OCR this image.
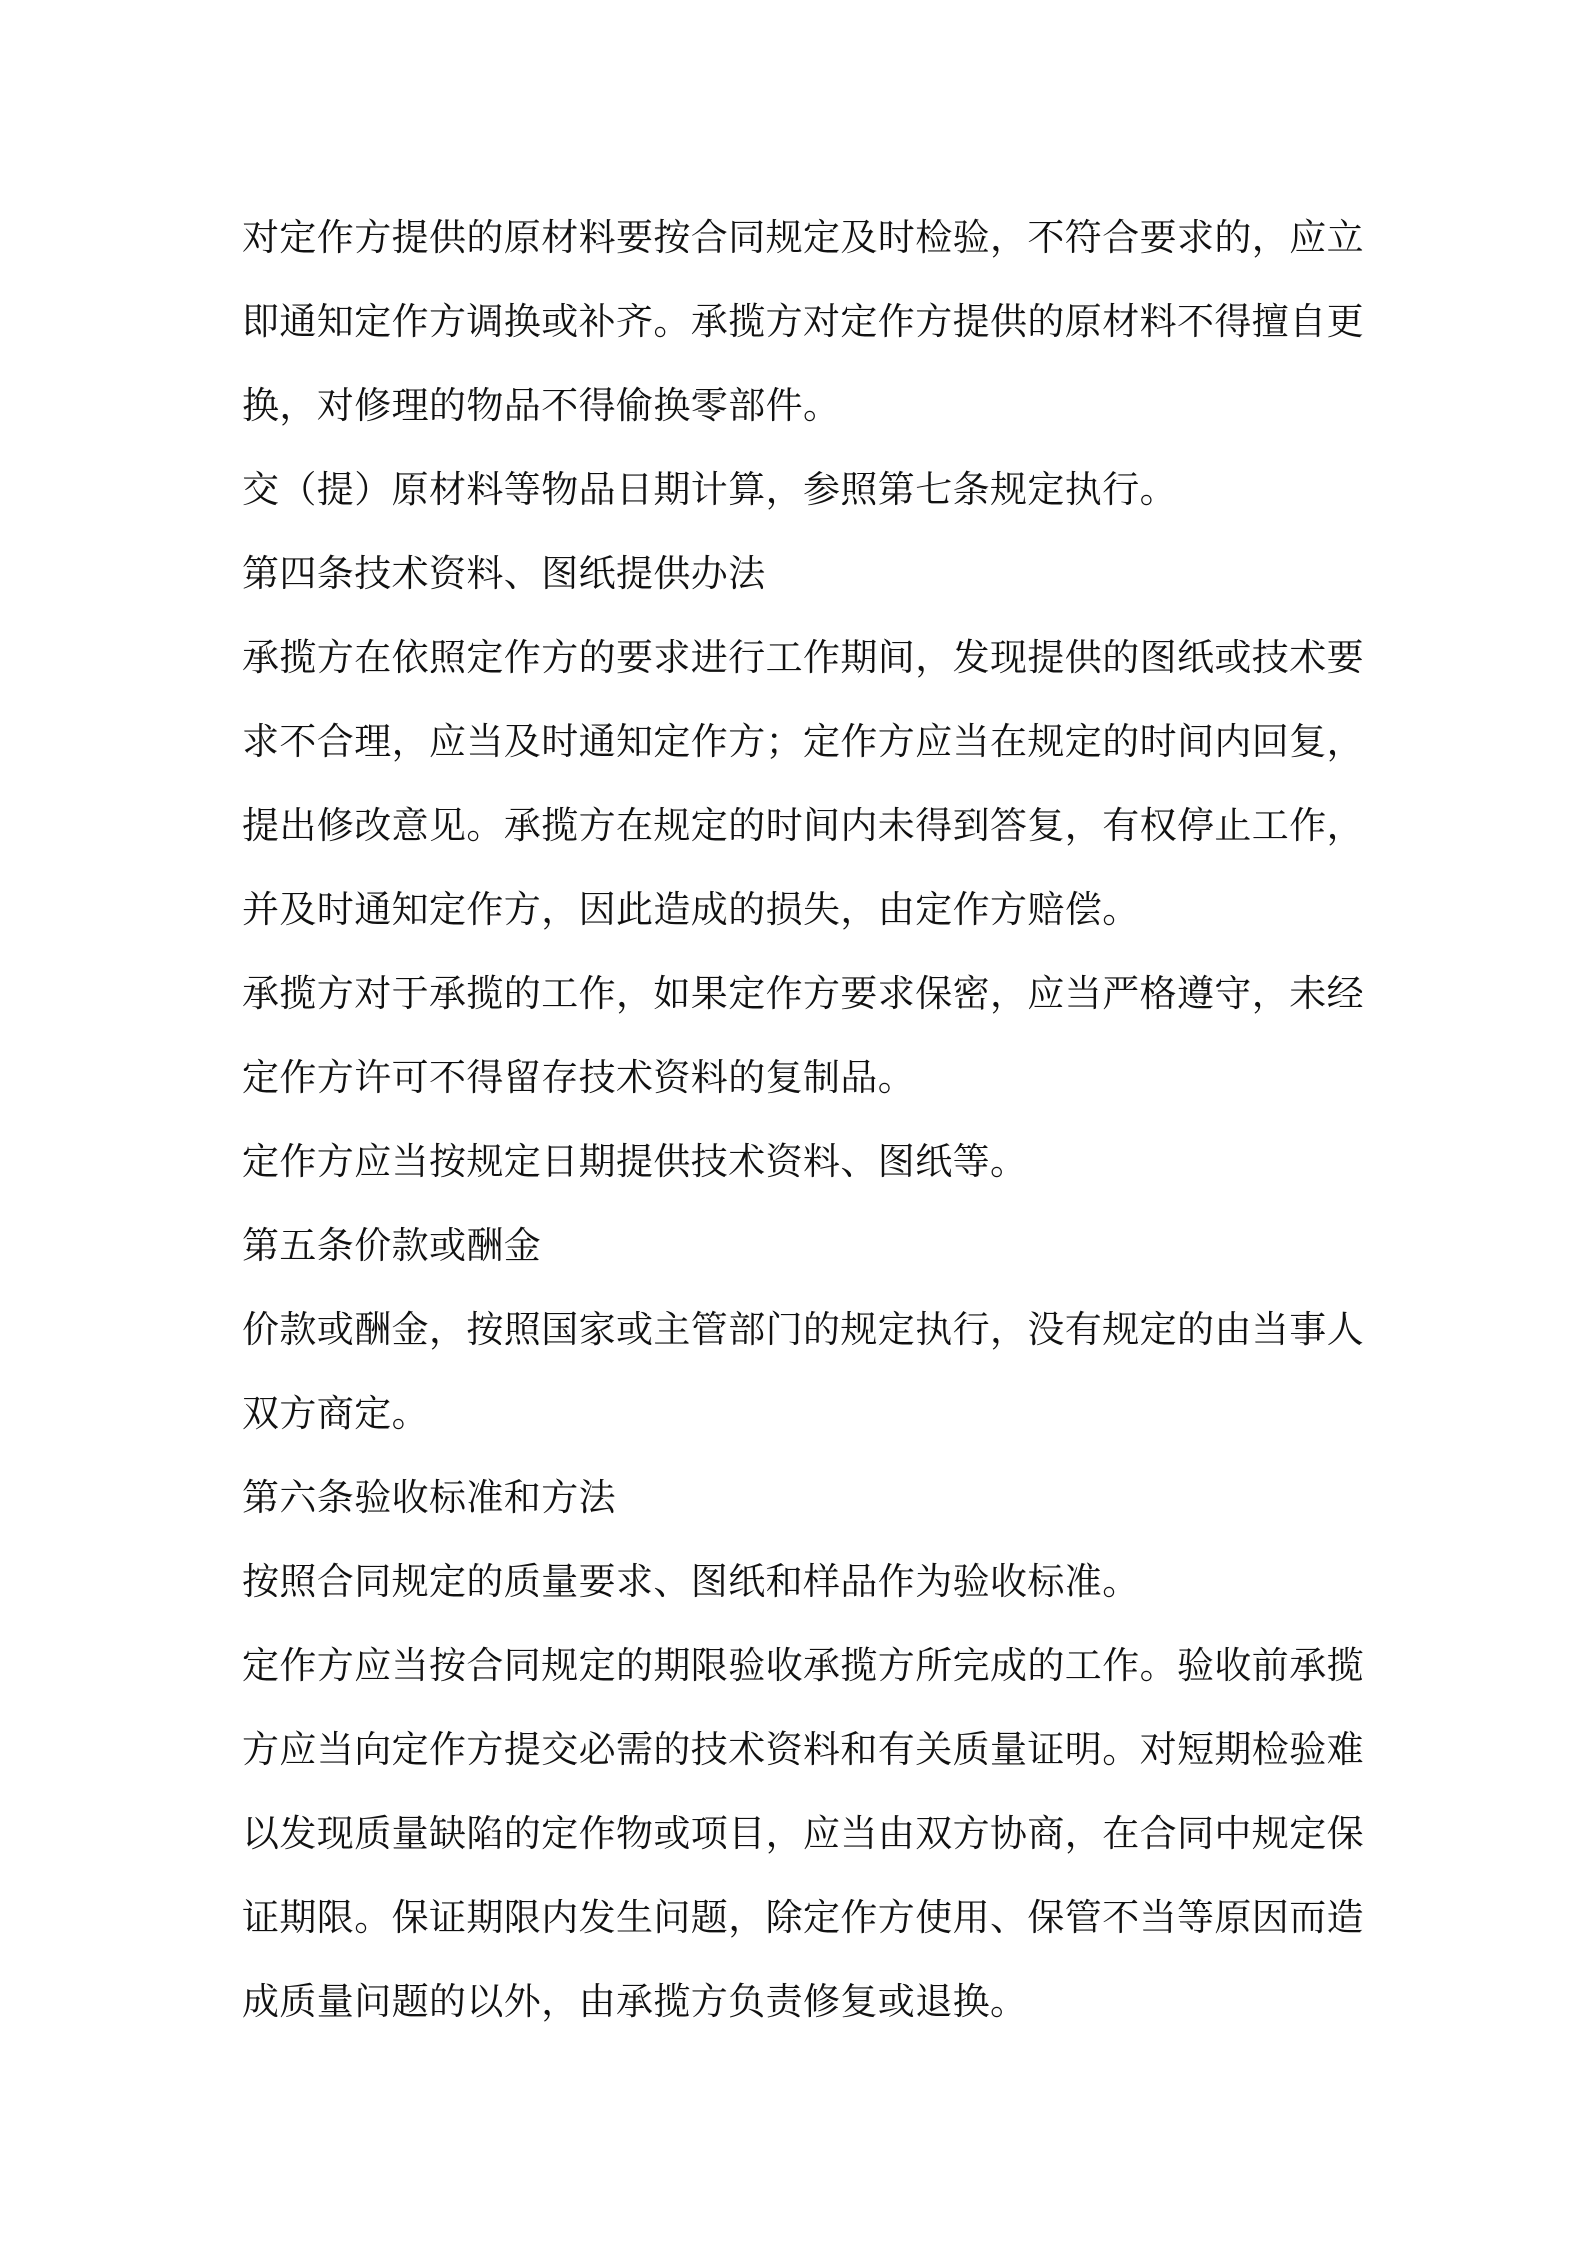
对定作方提供的原材料要按合同规定及时检验，不符合要求的，应立
即通知定作方调换或补齐。承揽方对定作方提供的原材料不得擅自更
换，对修理的物品不得偷换零部件。
交（提）原材料等物品日期计算，参照第七条规定执行。
第四条技术资料、图纸提供办法
承揽方在依照定作方的要求进行工作期间，发现提供的图纸或技术要
求不合理，应当及时通知定作方；定作方应当在规定的时间内回复，
提出修改意见。承揽方在规定的时间内未得到答复，有权停止工作，
并及时通知定作方，因此造成的损失，由定作方赔偿。
承揽方对于承揽的工作，如果定作方要求保密，应当严格遵守，未经
定作方许可不得留存技术资料的复制品。
定作方应当按规定日期提供技术资料、图纸等。
第五条价款或酬金
价款或酬金，按照国家或主管部门的规定执行，没有规定的由当事人
双方商定。
第六条验收标准和方法
按照合同规定的质量要求、图纸和样品作为验收标准。
定作方应当按合同规定的期限验收承揽方所完成的工作。验收前承揽
方应当向定作方提交必需的技术资料和有关质量证明。对短期检验难
以发现质量缺陷的定作物或项目，应当由双方协商，在合同中规定保
证期限。保证期限内发生问题，除定作方使用、保管不当等原因而造
成质量问题的以外，由承揽方负责修复或退换。
